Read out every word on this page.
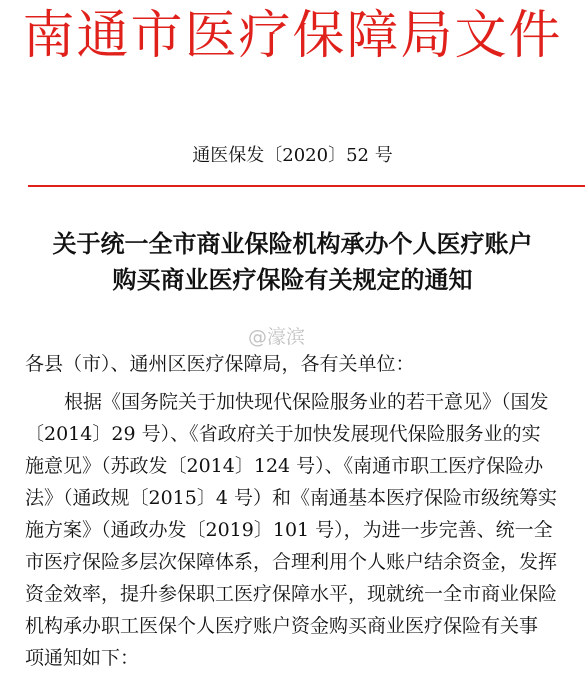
南通市医疗保障局文件
通医保发〔2020〕52 号
关于统一全市商业保险机构承办个人医疗账户
购买商业医疗保险有关规定的通知
@濠滨
各县（市）、通州区医疗保障局，各有关单位：
根据《国务院关于加快现代保险服务业的若干意见》（国发
〔2014〕29 号）、《省政府关于加快发展现代保险服务业的实
施意见》（苏政发〔2014〕124 号）、《南通市职工医疗保险办
法》（通政规〔2015〕4 号）和《南通基本医疗保险市级统筹实
施方案》（通政办发〔2019〕101 号），为进一步完善、统一全
市医疗保险多层次保障体系，合理利用个人账户结余资金，发挥
资金效率，提升参保职工医疗保障水平，现就统一全市商业保险
机构承办职工医保个人医疗账户资金购买商业医疗保险有关事
项通知如下：
